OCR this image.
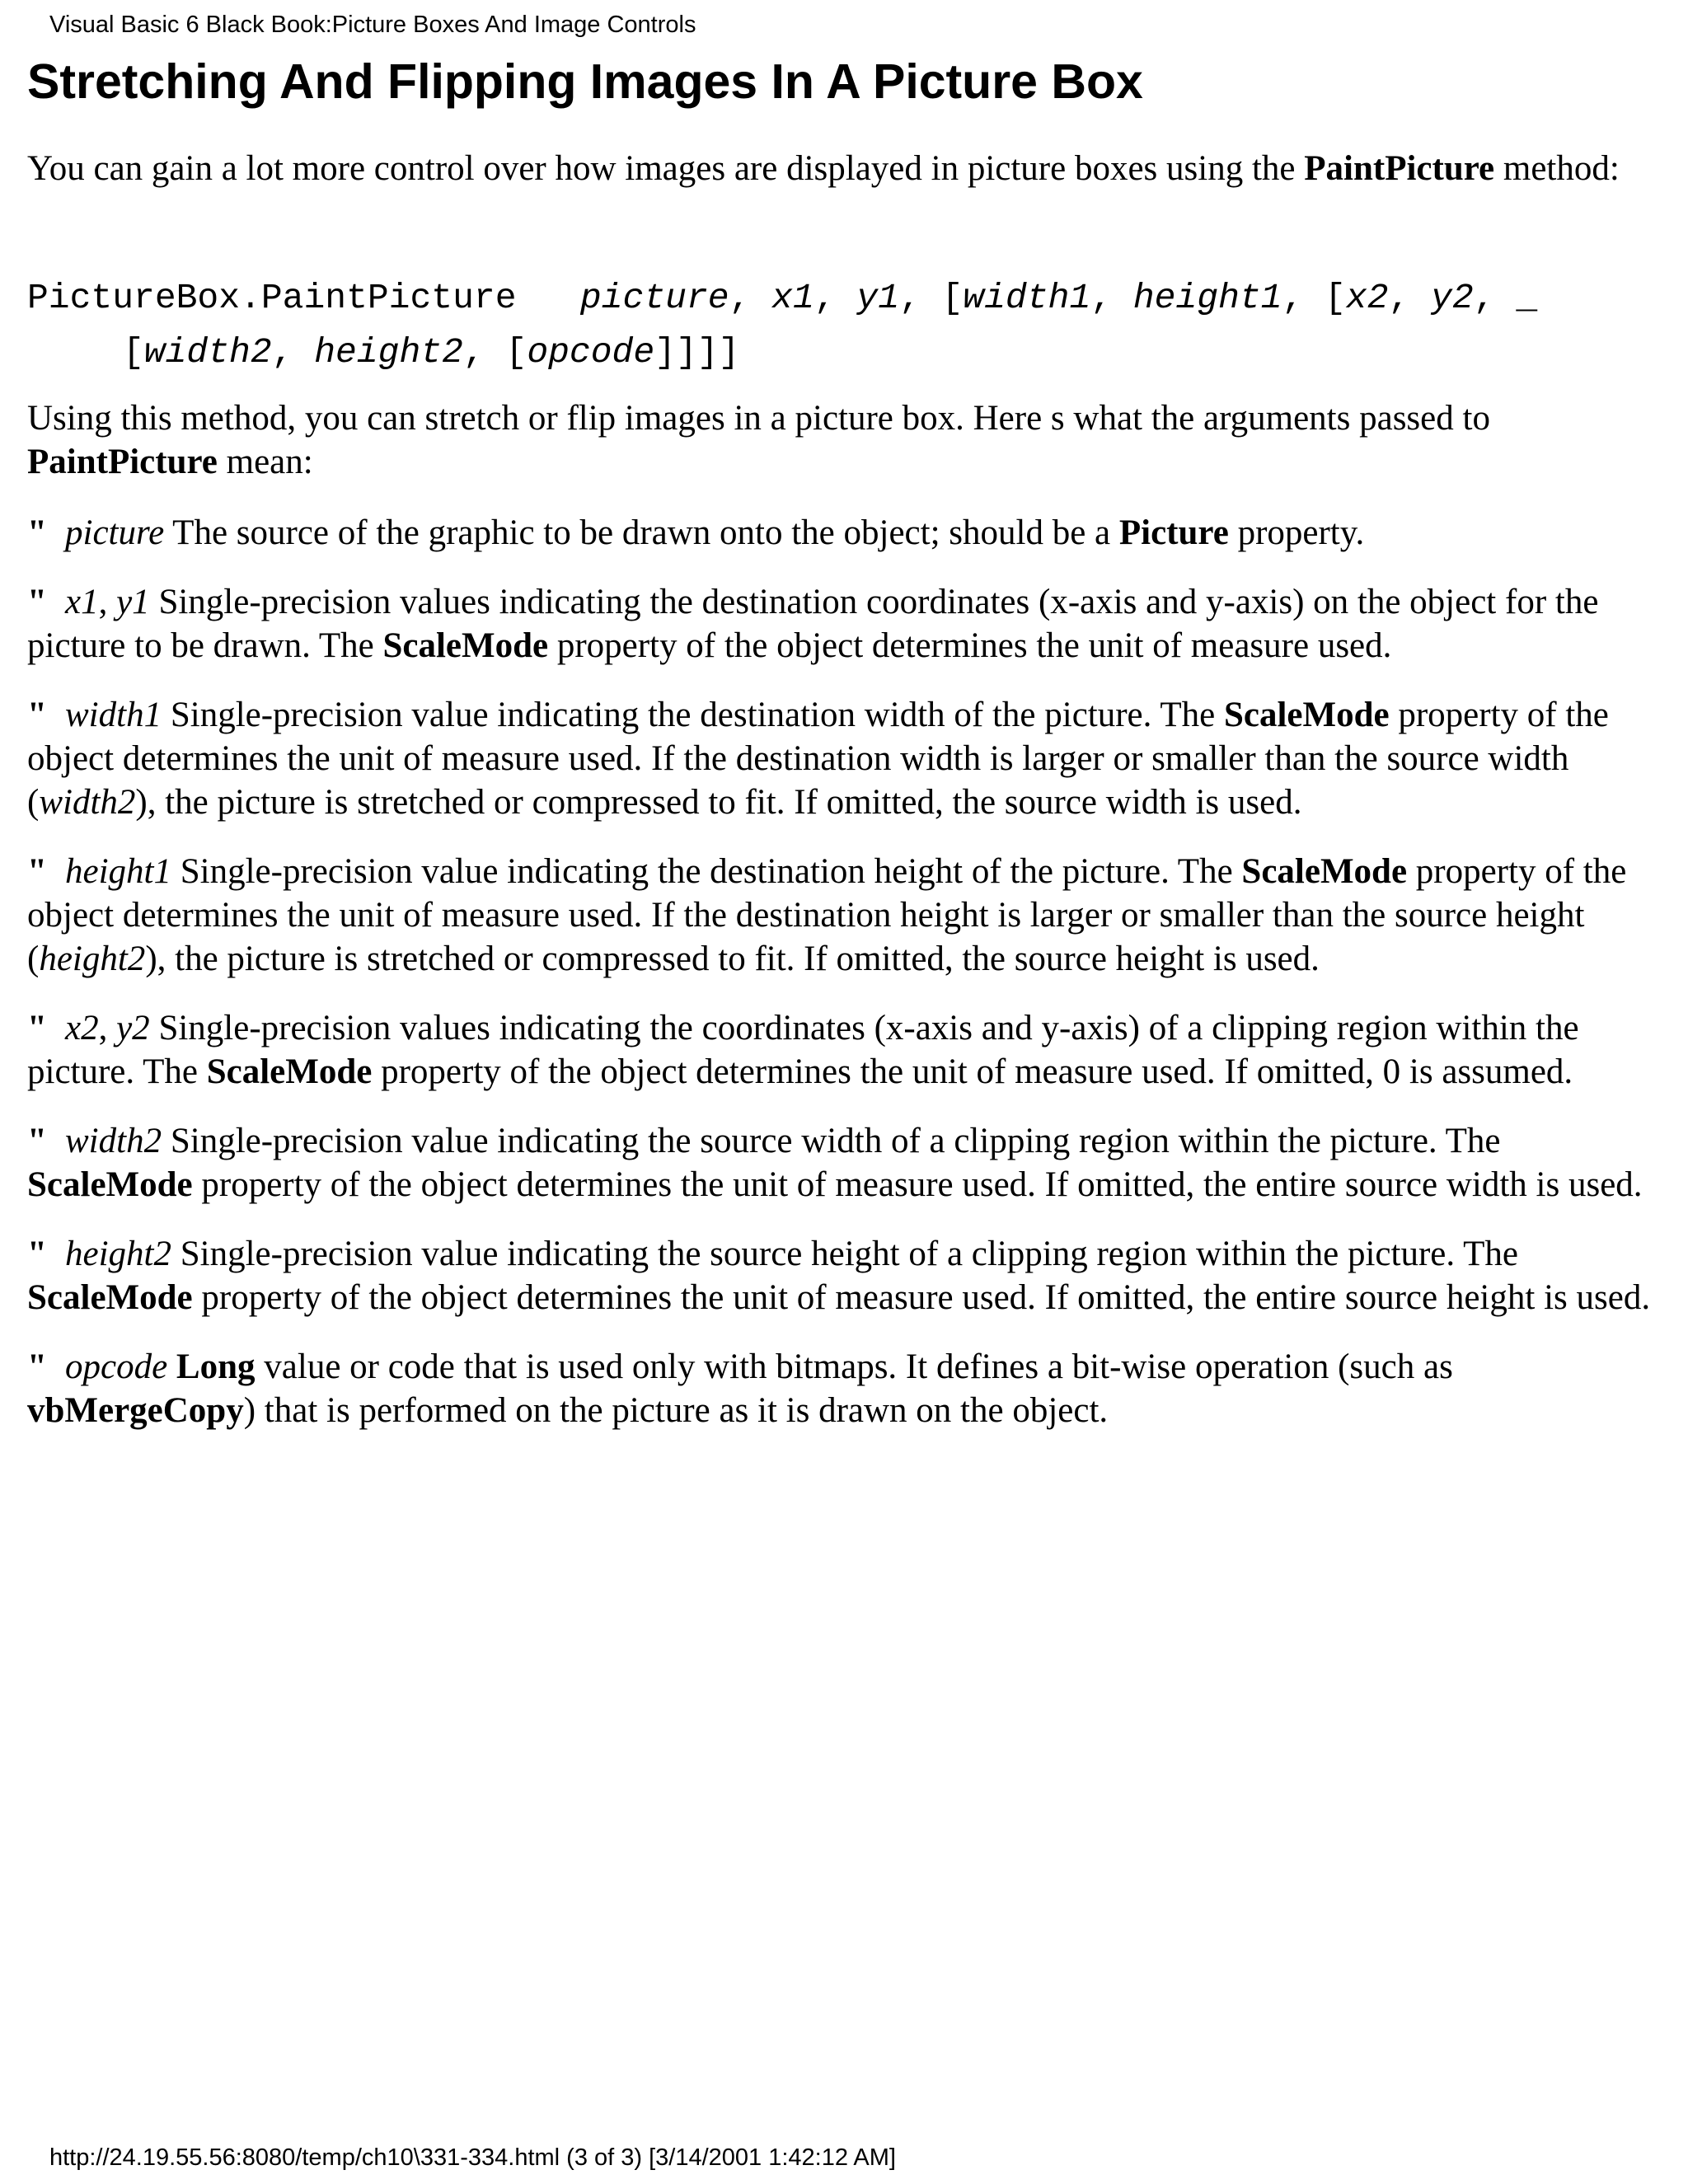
Visual Basic 6 Black Book:Picture Boxes And Image Controls
Stretching And Flipping Images In A Picture Box

You can gain a lot more control over how images are displayed in picture boxes using the PaintPicture method:

PictureBox.PaintPicture picture, x1, y1, [width1, height1, [x2, y2, _
[width2, height2, [opcode]]]]

Using this method, you can stretch or flip images in a picture box. Here s what the arguments passed to PaintPicture mean:

" picture The source of the graphic to be drawn onto the object; should be a Picture property.

" x1, y1 Single-precision values indicating the destination coordinates (x-axis and y-axis) on the object for the picture to be drawn. The ScaleMode property of the object determines the unit of measure used.

" width1 Single-precision value indicating the destination width of the picture. The ScaleMode property of the object determines the unit of measure used. If the destination width is larger or smaller than the source width (width2), the picture is stretched or compressed to fit. If omitted, the source width is used.

" height1 Single-precision value indicating the destination height of the picture. The ScaleMode property of the object determines the unit of measure used. If the destination height is larger or smaller than the source height (height2), the picture is stretched or compressed to fit. If omitted, the source height is used.

" x2, y2 Single-precision values indicating the coordinates (x-axis and y-axis) of a clipping region within the picture. The ScaleMode property of the object determines the unit of measure used. If omitted, 0 is assumed.

" width2 Single-precision value indicating the source width of a clipping region within the picture. The ScaleMode property of the object determines the unit of measure used. If omitted, the entire source width is used.

" height2 Single-precision value indicating the source height of a clipping region within the picture. The ScaleMode property of the object determines the unit of measure used. If omitted, the entire source height is used.

" opcode Long value or code that is used only with bitmaps. It defines a bit-wise operation (such as vbMergeCopy) that is performed on the picture as it is drawn on the object.

http://24.19.55.56:8080/temp/ch10\331-334.html (3 of 3) [3/14/2001 1:42:12 AM]
